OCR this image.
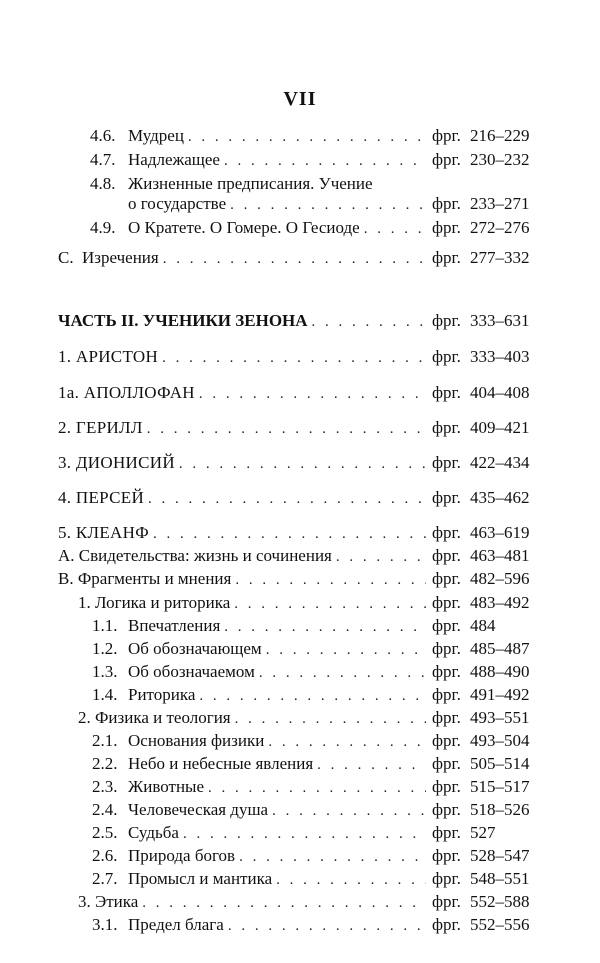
VII
4.6. Мудрец . . .	фрг. 216–229
4.7. Надлежащее . . .	фрг. 230–232
4.8. Жизненные предписания. Учение
о государстве . . .	фрг. 233–271
4.9. О Кратете. О Гомере. О Гесиоде . . .	фрг. 272–276
C. Изречения . . .	фрг. 277–332
ЧАСТЬ II. УЧЕНИКИ ЗЕНОНА . . .	фрг. 333–631
1. АРИСТОН . . .	фрг. 333–403
1а. АПОЛЛОФАН . . .	фрг. 404–408
2. ГЕРИЛЛ . . .	фрг. 409–421
3. ДИОНИСИЙ . . .	фрг. 422–434
4. ПЕРСЕЙ . . .	фрг. 435–462
5. КЛЕАНФ . . .	фрг. 463–619
A. Свидетельства: жизнь и сочинения . . .	фрг. 463–481
B. Фрагменты и мнения . . .	фрг. 482–596
1. Логика и риторика . . .	фрг. 483–492
1.1. Впечатления . . .	фрг. 484
1.2. Об обозначающем . . .	фрг. 485–487
1.3. Об обозначаемом . . .	фрг. 488–490
1.4. Риторика . . .	фрг. 491–492
2. Физика и теология . . .	фрг. 493–551
2.1. Основания физики . . .	фрг. 493–504
2.2. Небо и небесные явления . . .	фрг. 505–514
2.3. Животные . . .	фрг. 515–517
2.4. Человеческая душа . . .	фрг. 518–526
2.5. Судьба . . .	фрг. 527
2.6. Природа богов . . .	фрг. 528–547
2.7. Промысл и мантика . . .	фрг. 548–551
3. Этика . . .	фрг. 552–588
3.1. Предел блага . . .	фрг. 552–556
